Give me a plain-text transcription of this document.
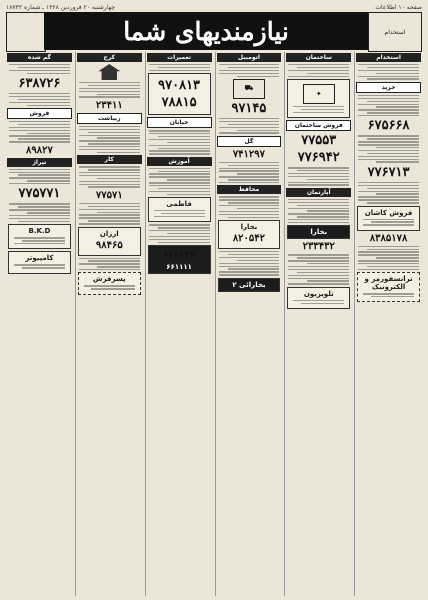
صفحه ۱۰ اطلاعات
چهارشنبه ۲۰ فروردین ۱۳۶۸ ـ شماره ۱۸۷۳۲
نیازمندیهای شما	استخدام
استخدام
خرید
۶۷۵۶۶۸
۷۷۶۷۱۳
فروش کاشان
۸۳۸۵۱۷۸
ترانسفورمر و الکترونیک
ساختمان
✦
فروش ساختمان
۷۷۵۵۳
۷۷۶۹۴۲
آپارتمان
بخارا
۲۳۳۴۳۲
تلویزیون
اتومبیل
⛟
۹۷۱۴۵
گل
۷۴۱۲۹۷
محافظ
بخارا
۸۲۰۵۴۲
بخارائی ۲
تعمیرات
۹۷۰۸۱۳
۷۸۸۱۵
خیابان
آموزش
فاطمی
۶۶۲۱۲۲
۶۶۱۱۱۱
کرج
۲۳۴۱۱
زیباشت
کار
۷۷۵۷۱
ارزان
۹۸۴۶۵
پسرفرش
گم شده
۶۳۸۷۲۶
فروش
۸۹۸۲۷
تیراژ
۷۷۵۷۷۱
B.K.D
کامپیوتر
